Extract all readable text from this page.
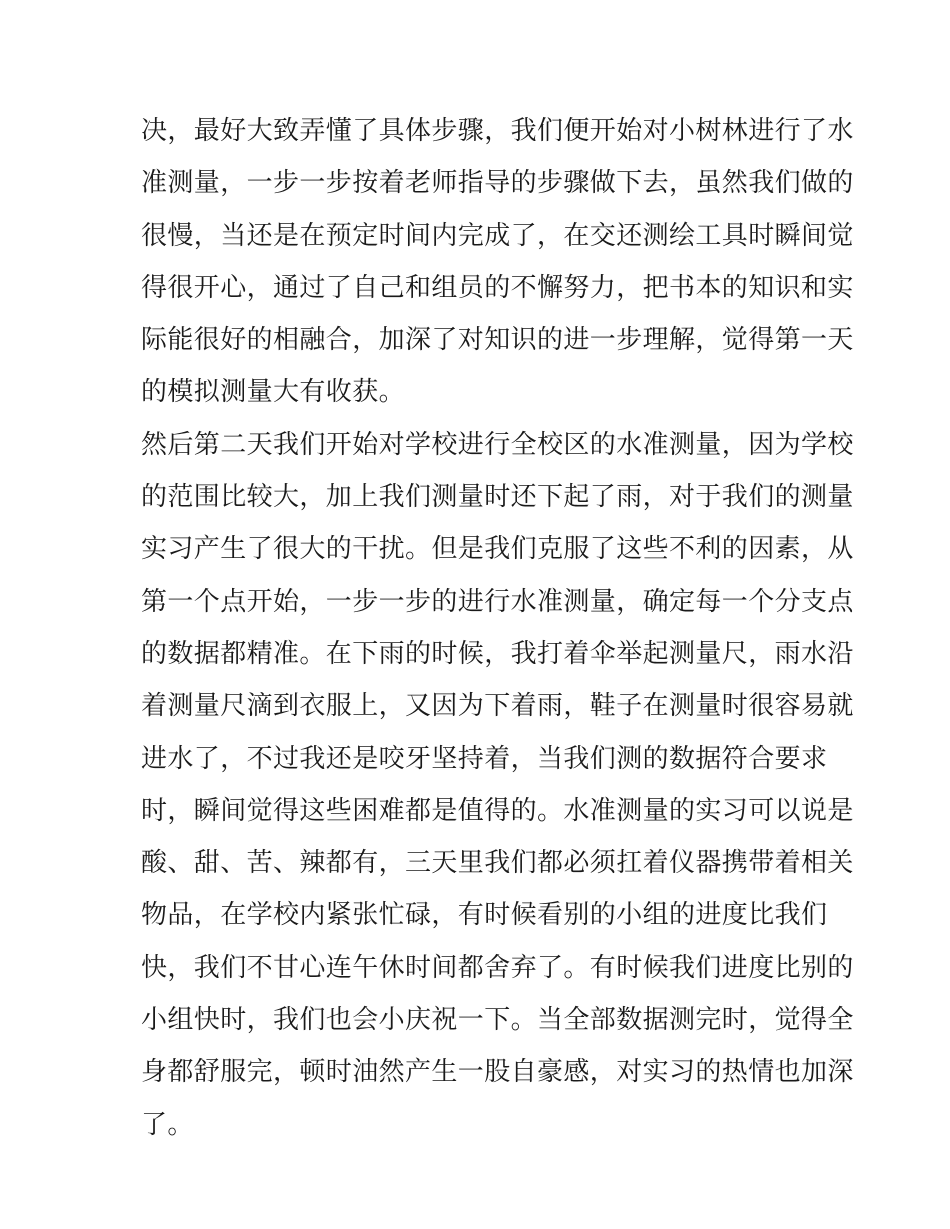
决，最好大致弄懂了具体步骤，我们便开始对小树林进行了水
准测量，一步一步按着老师指导的步骤做下去，虽然我们做的
很慢，当还是在预定时间内完成了，在交还测绘工具时瞬间觉
得很开心，通过了自己和组员的不懈努力，把书本的知识和实
际能很好的相融合，加深了对知识的进一步理解，觉得第一天
的模拟测量大有收获。
然后第二天我们开始对学校进行全校区的水准测量，因为学校
的范围比较大，加上我们测量时还下起了雨，对于我们的测量
实习产生了很大的干扰。但是我们克服了这些不利的因素，从
第一个点开始，一步一步的进行水准测量，确定每一个分支点
的数据都精准。在下雨的时候，我打着伞举起测量尺，雨水沿
着测量尺滴到衣服上，又因为下着雨，鞋子在测量时很容易就
进水了，不过我还是咬牙坚持着，当我们测的数据符合要求
时，瞬间觉得这些困难都是值得的。水准测量的实习可以说是
酸、甜、苦、辣都有，三天里我们都必须扛着仪器携带着相关
物品，在学校内紧张忙碌，有时候看别的小组的进度比我们
快，我们不甘心连午休时间都舍弃了。有时候我们进度比别的
小组快时，我们也会小庆祝一下。当全部数据测完时，觉得全
身都舒服完，顿时油然产生一股自豪感，对实习的热情也加深
了。
